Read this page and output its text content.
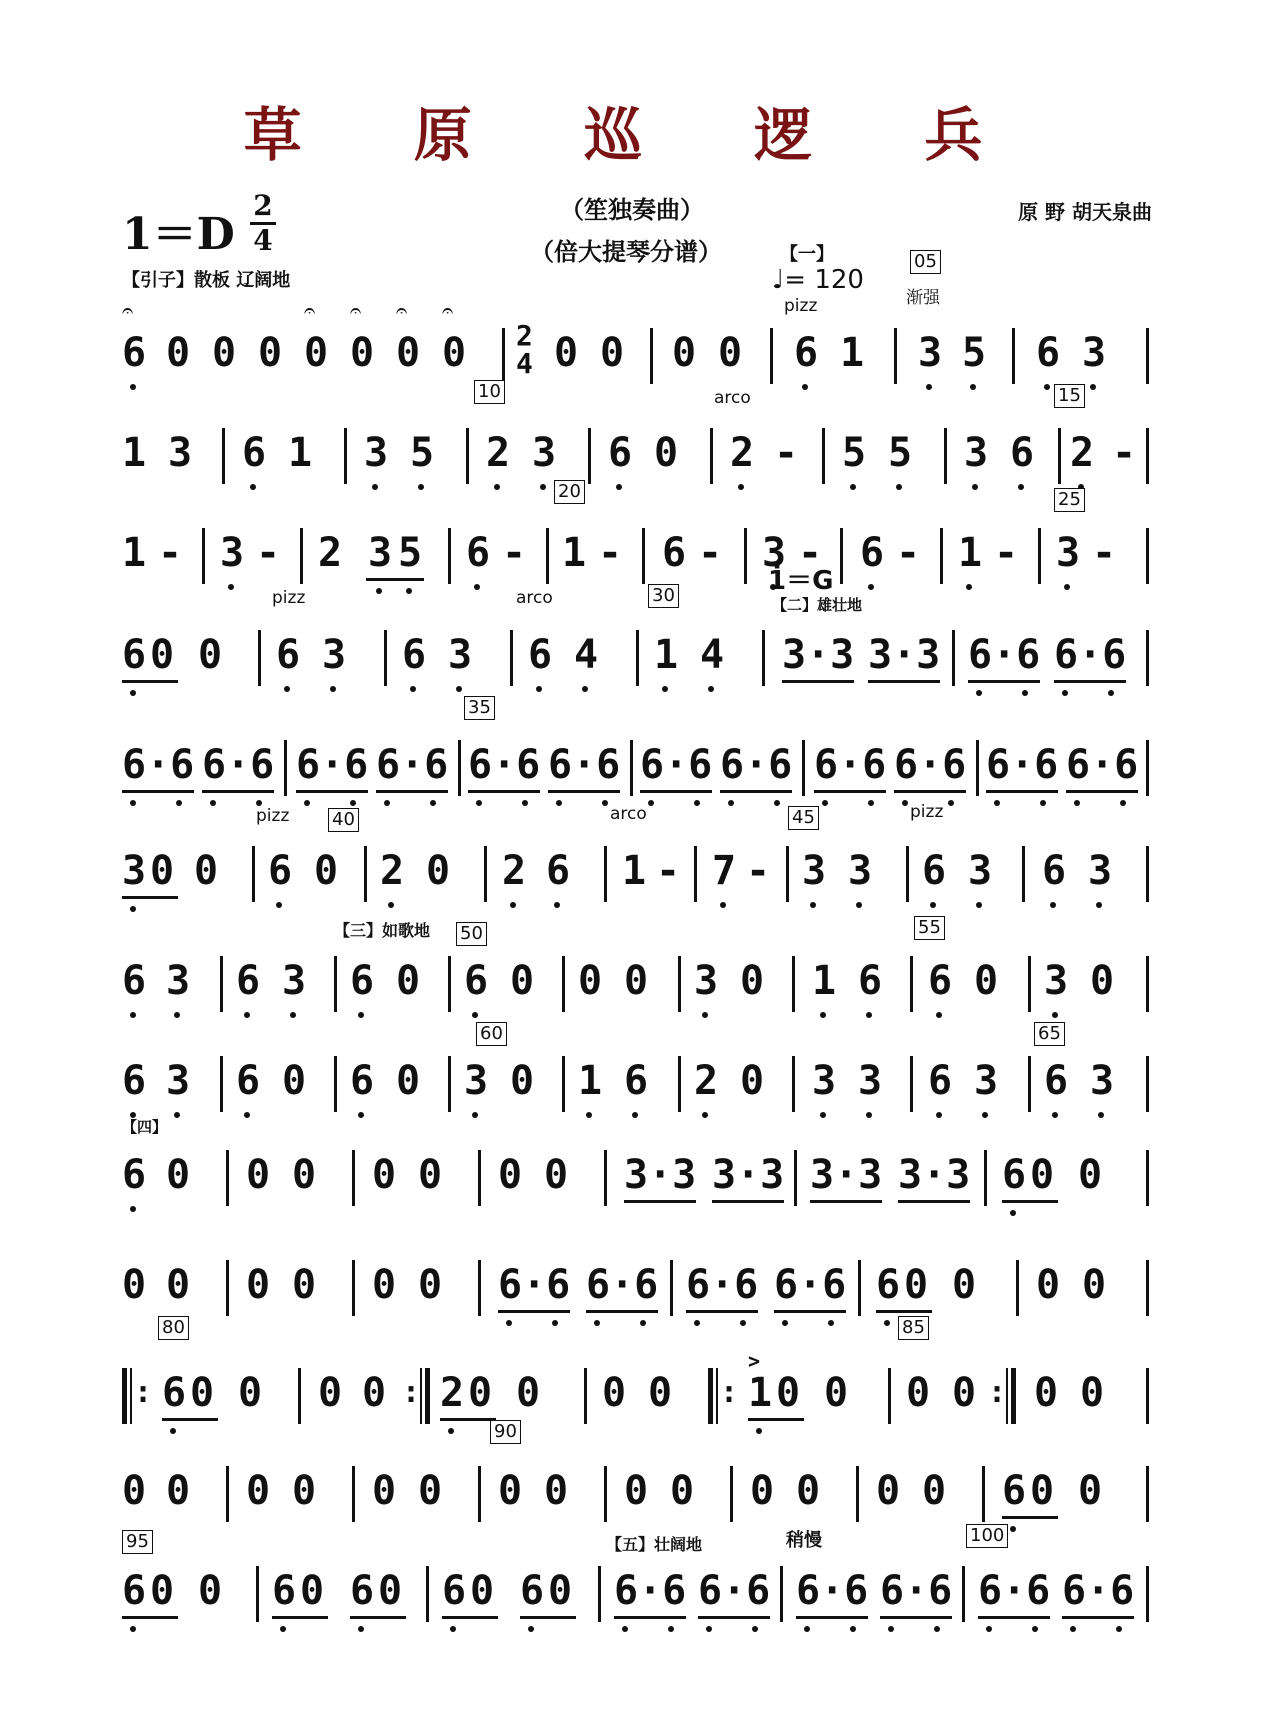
草 原 巡 逻 兵
1＝D
2
4
（笙独奏曲）
（倍大提琴分谱）
原 野 胡天泉曲
【引子】散板 辽阔地
【一】
♩= 120
05
渐强
pizz
𝄐
6 0 0 0
𝄐
0
𝄐
0
𝄐
0
𝄐
0 2
4 0 0 0 0 6 1 3 5 6 3
10	arco	15
1 3 6 1 3 5 2 3 6 0 2 - 5 5 3 6 2 -
20	25
1 - 3 - 2 3 5 6 - 1 - 6 - 3 - 6 - 1 - 3 -
1̇＝G
pizz	arco	30	【二】雄壮地
6 0 0 6 3 6 3 6 4 1 4 3·3 3·3 6·6 6·6
35
6·6 6·6 6·6 6·6 6·6 6·6 6·6 6·6 6·6 6·6 6·6 6·6
pizz 40	arco	45	pizz
3 0 0 6 0 2 0 2 6 1 - 7 - 3 3 6 3 6 3
【三】如歌地 50	55
6 3 6 3 6 0 6 0 0 0 3 0 1 6 6 0 3 0
60	65
6 3 6 0 6 0 3 0 1 6 2 0 3 3 6 3 6 3
【四】
6 0 0 0 0 0 0 0 3·3 3·3 3·3 3·3 6 0 0
0 0 0 0 0 0 6·6 6·6 6·6 6·6 6 0 0 0 0
80	85
: 6 0 0 0 0 : 2 0 0 0 0 :
>
1 0 0 0 0 : 0 0
90
0 0 0 0 0 0 0 0 0 0 0 0 0 0 6 0 0
95	【五】壮阔地	稍慢	100
6 0 0 6 0 6 0 6 0 6 0 6·6 6·6 6·6 6·6 6·6 6·6
